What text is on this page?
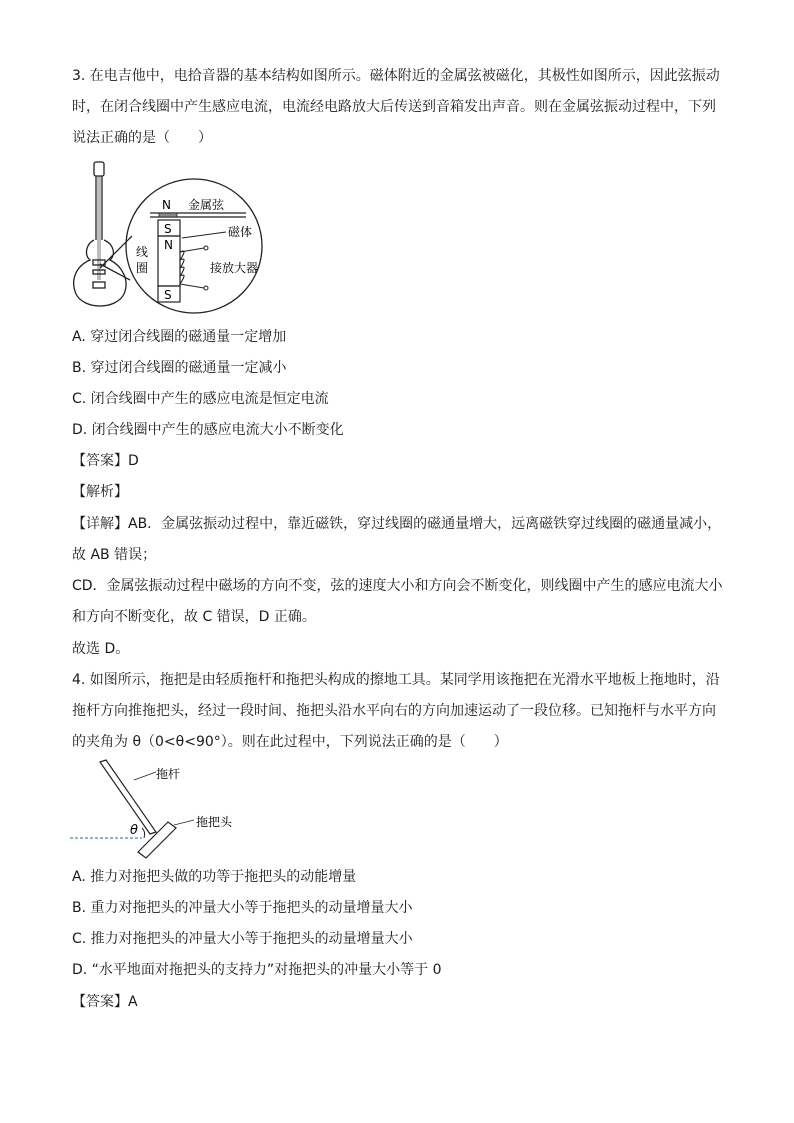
3. 在电吉他中，电拾音器的基本结构如图所示。磁体附近的金属弦被磁化，其极性如图所示，因此弦振动
时，在闭合线圈中产生感应电流，电流经电路放大后传送到音箱发出声音。则在金属弦振动过程中，下列
说法正确的是（　　）
N 金属弦
S
N
S
磁体
接放大器
线
圈
A. 穿过闭合线圈的磁通量一定增加
B. 穿过闭合线圈的磁通量一定减小
C. 闭合线圈中产生的感应电流是恒定电流
D. 闭合线圈中产生的感应电流大小不断变化
【答案】D
【解析】
【详解】AB．金属弦振动过程中，靠近磁铁，穿过线圈的磁通量增大，远离磁铁穿过线圈的磁通量减小，
故 AB 错误；
CD．金属弦振动过程中磁场的方向不变，弦的速度大小和方向会不断变化，则线圈中产生的感应电流大小
和方向不断变化，故 C 错误，D 正确。
故选 D。
4. 如图所示，拖把是由轻质拖杆和拖把头构成的擦地工具。某同学用该拖把在光滑水平地板上拖地时，沿
拖杆方向推拖把头，经过一段时间、拖把头沿水平向右的方向加速运动了一段位移。已知拖杆与水平方向
的夹角为 θ（0<θ<90°）。则在此过程中，下列说法正确的是（　　）
θ
拖杆
拖把头
A. 推力对拖把头做的功等于拖把头的动能增量
B. 重力对拖把头的冲量大小等于拖把头的动量增量大小
C. 推力对拖把头的冲量大小等于拖把头的动量增量大小
D. “水平地面对拖把头的支持力”对拖把头的冲量大小等于 0
【答案】A
